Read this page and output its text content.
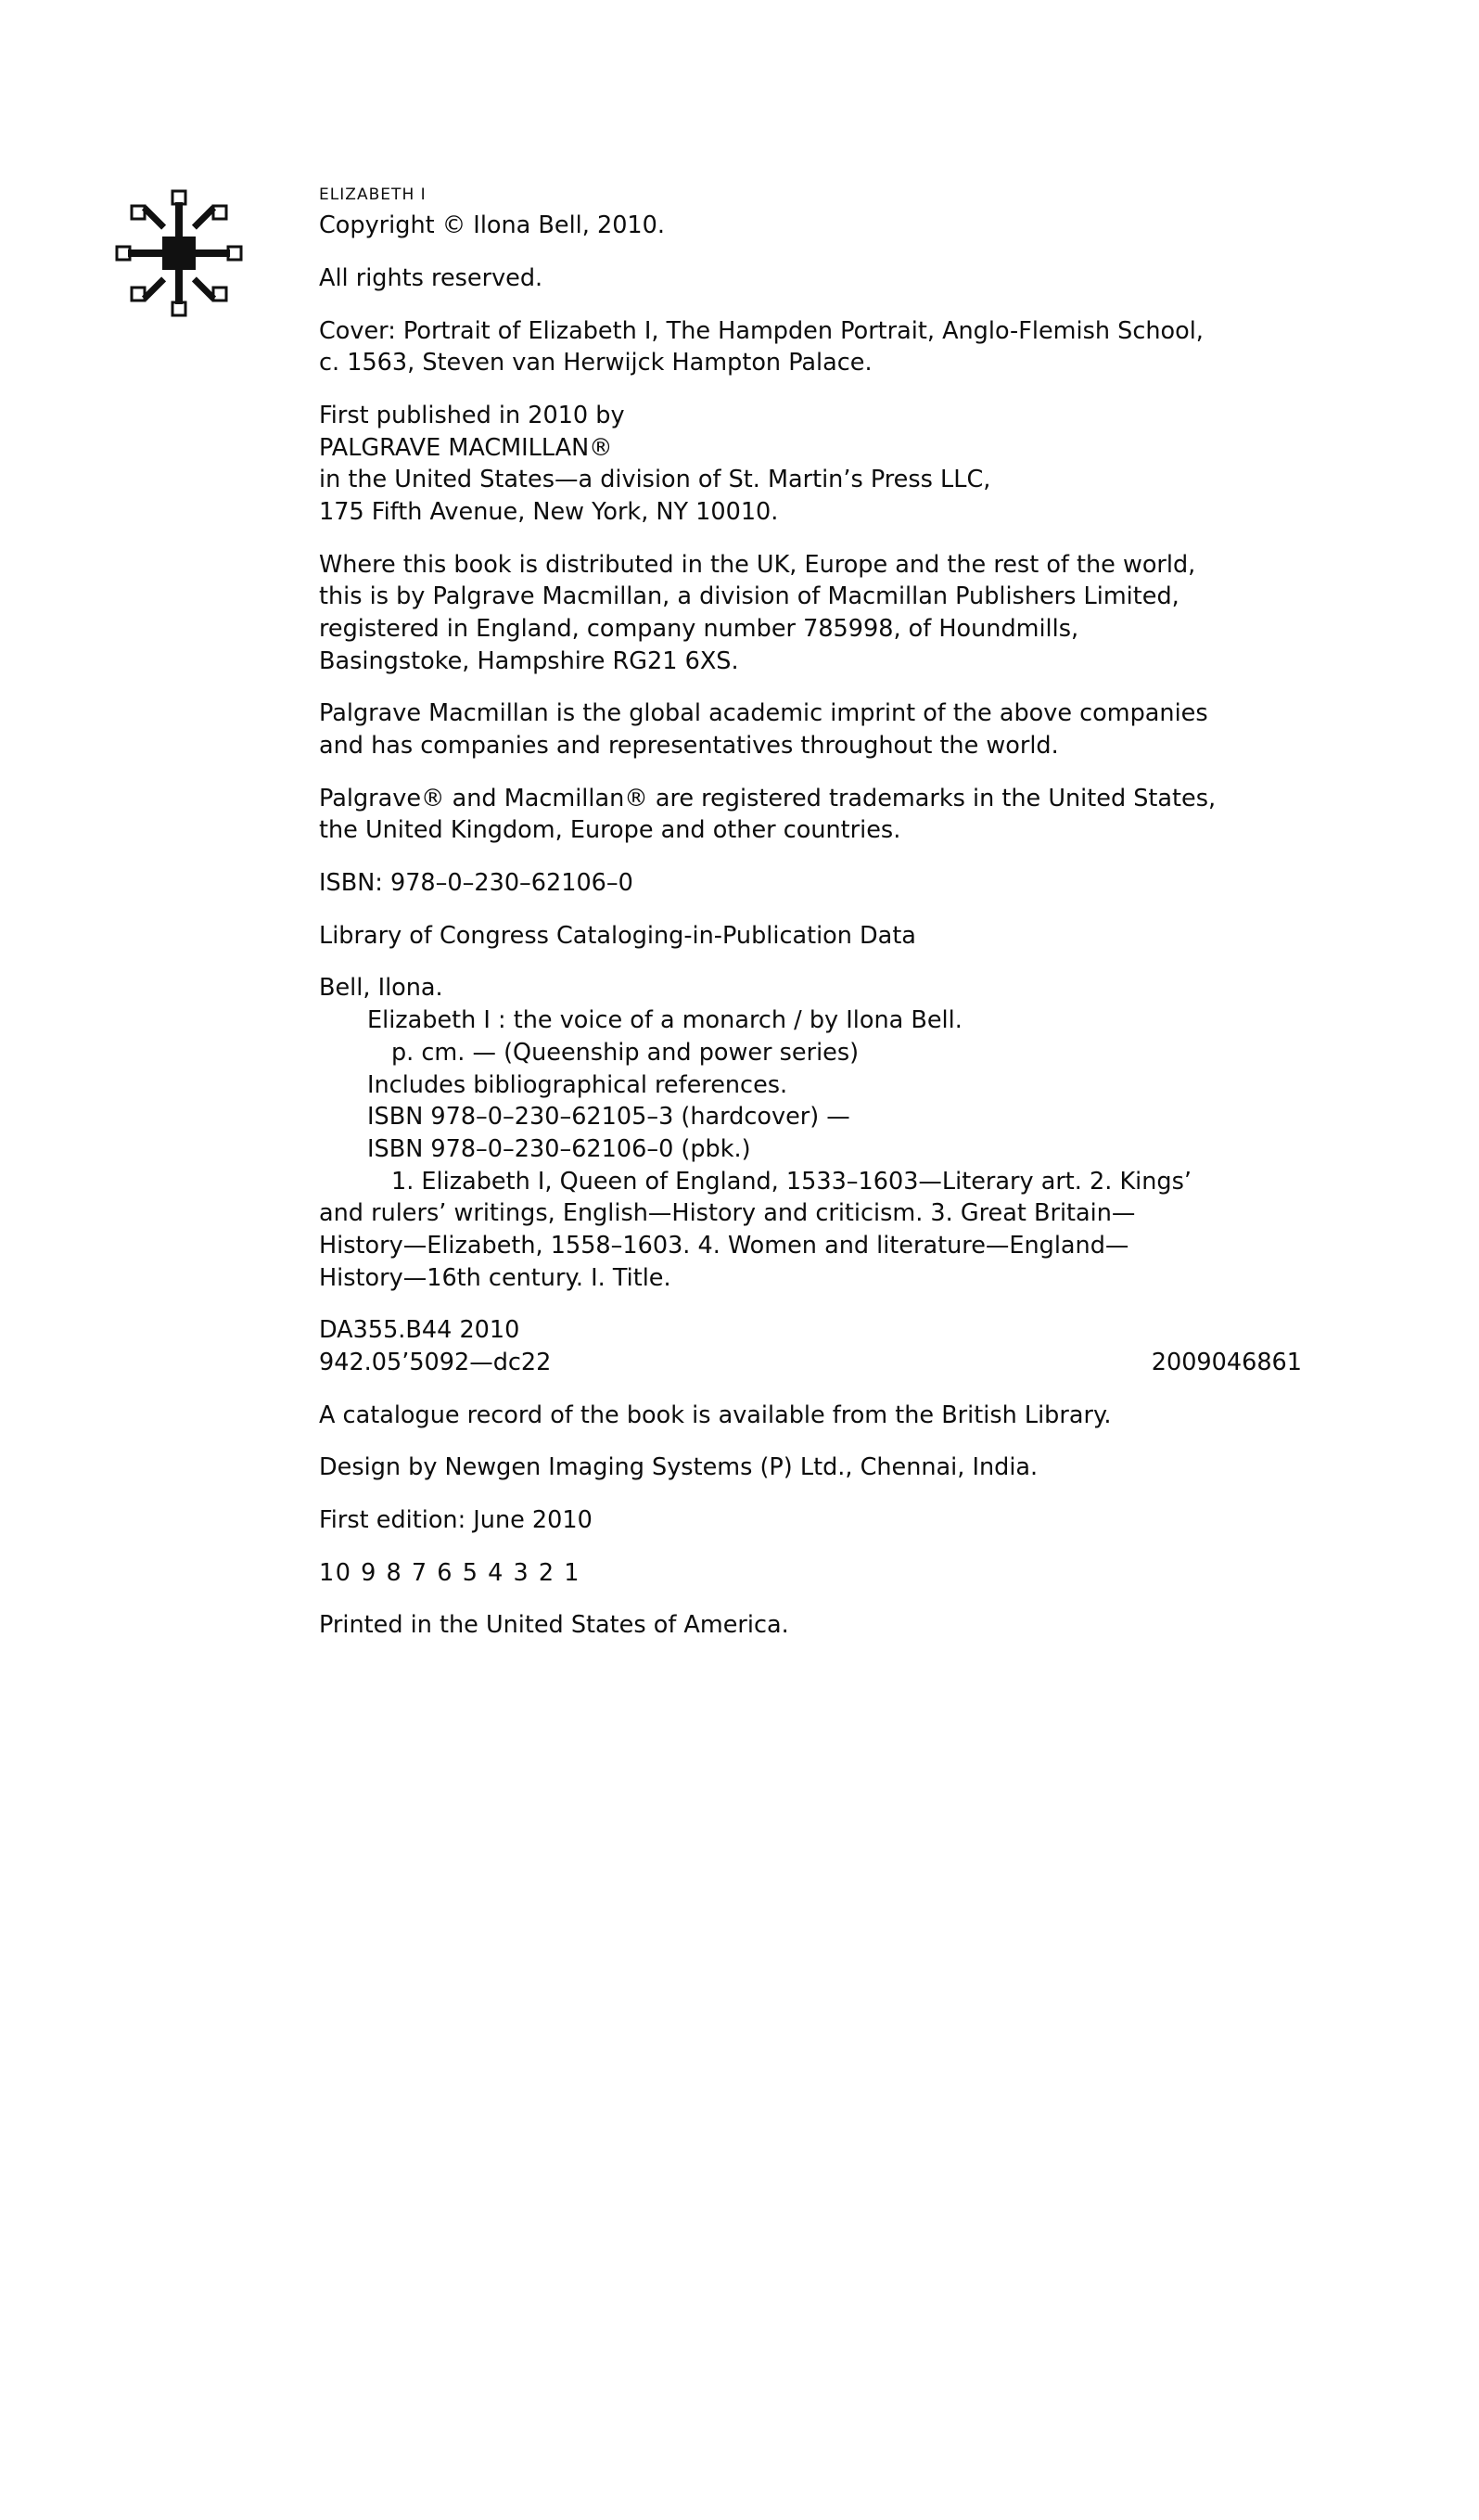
ELIZABETH I

Copyright © Ilona Bell, 2010.

All rights reserved.

Cover: Portrait of Elizabeth I, The Hampden Portrait, Anglo-Flemish School,
c. 1563, Steven van Herwijck Hampton Palace.
First published in 2010 by
PALGRAVE MACMILLAN®
in the United States—a division of St. Martin’s Press LLC,
175 Fifth Avenue, New York, NY 10010.
Where this book is distributed in the UK, Europe and the rest of the world,
this is by Palgrave Macmillan, a division of Macmillan Publishers Limited,
registered in England, company number 785998, of Houndmills,
Basingstoke, Hampshire RG21 6XS.
Palgrave Macmillan is the global academic imprint of the above companies
and has companies and representatives throughout the world.
Palgrave® and Macmillan® are registered trademarks in the United States,
the United Kingdom, Europe and other countries.

ISBN: 978–0–230–62106–0

Library of Congress Cataloging-in-Publication Data

Bell, Ilona.
Elizabeth I : the voice of a monarch / by Ilona Bell.
p. cm. — (Queenship and power series)
Includes bibliographical references.
ISBN 978–0–230–62105–3 (hardcover) —
ISBN 978–0–230–62106–0 (pbk.)
1. Elizabeth I, Queen of England, 1533–1603—Literary art. 2. Kings’
and rulers’ writings, English—History and criticism. 3. Great Britain—
History—Elizabeth, 1558–1603. 4. Women and literature—England—
History—16th century. I. Title.
DA355.B44 2010
942.05’5092—dc22	2009046861

A catalogue record of the book is available from the British Library.

Design by Newgen Imaging Systems (P) Ltd., Chennai, India.

First edition: June 2010

10 9 8 7 6 5 4 3 2 1

Printed in the United States of America.
